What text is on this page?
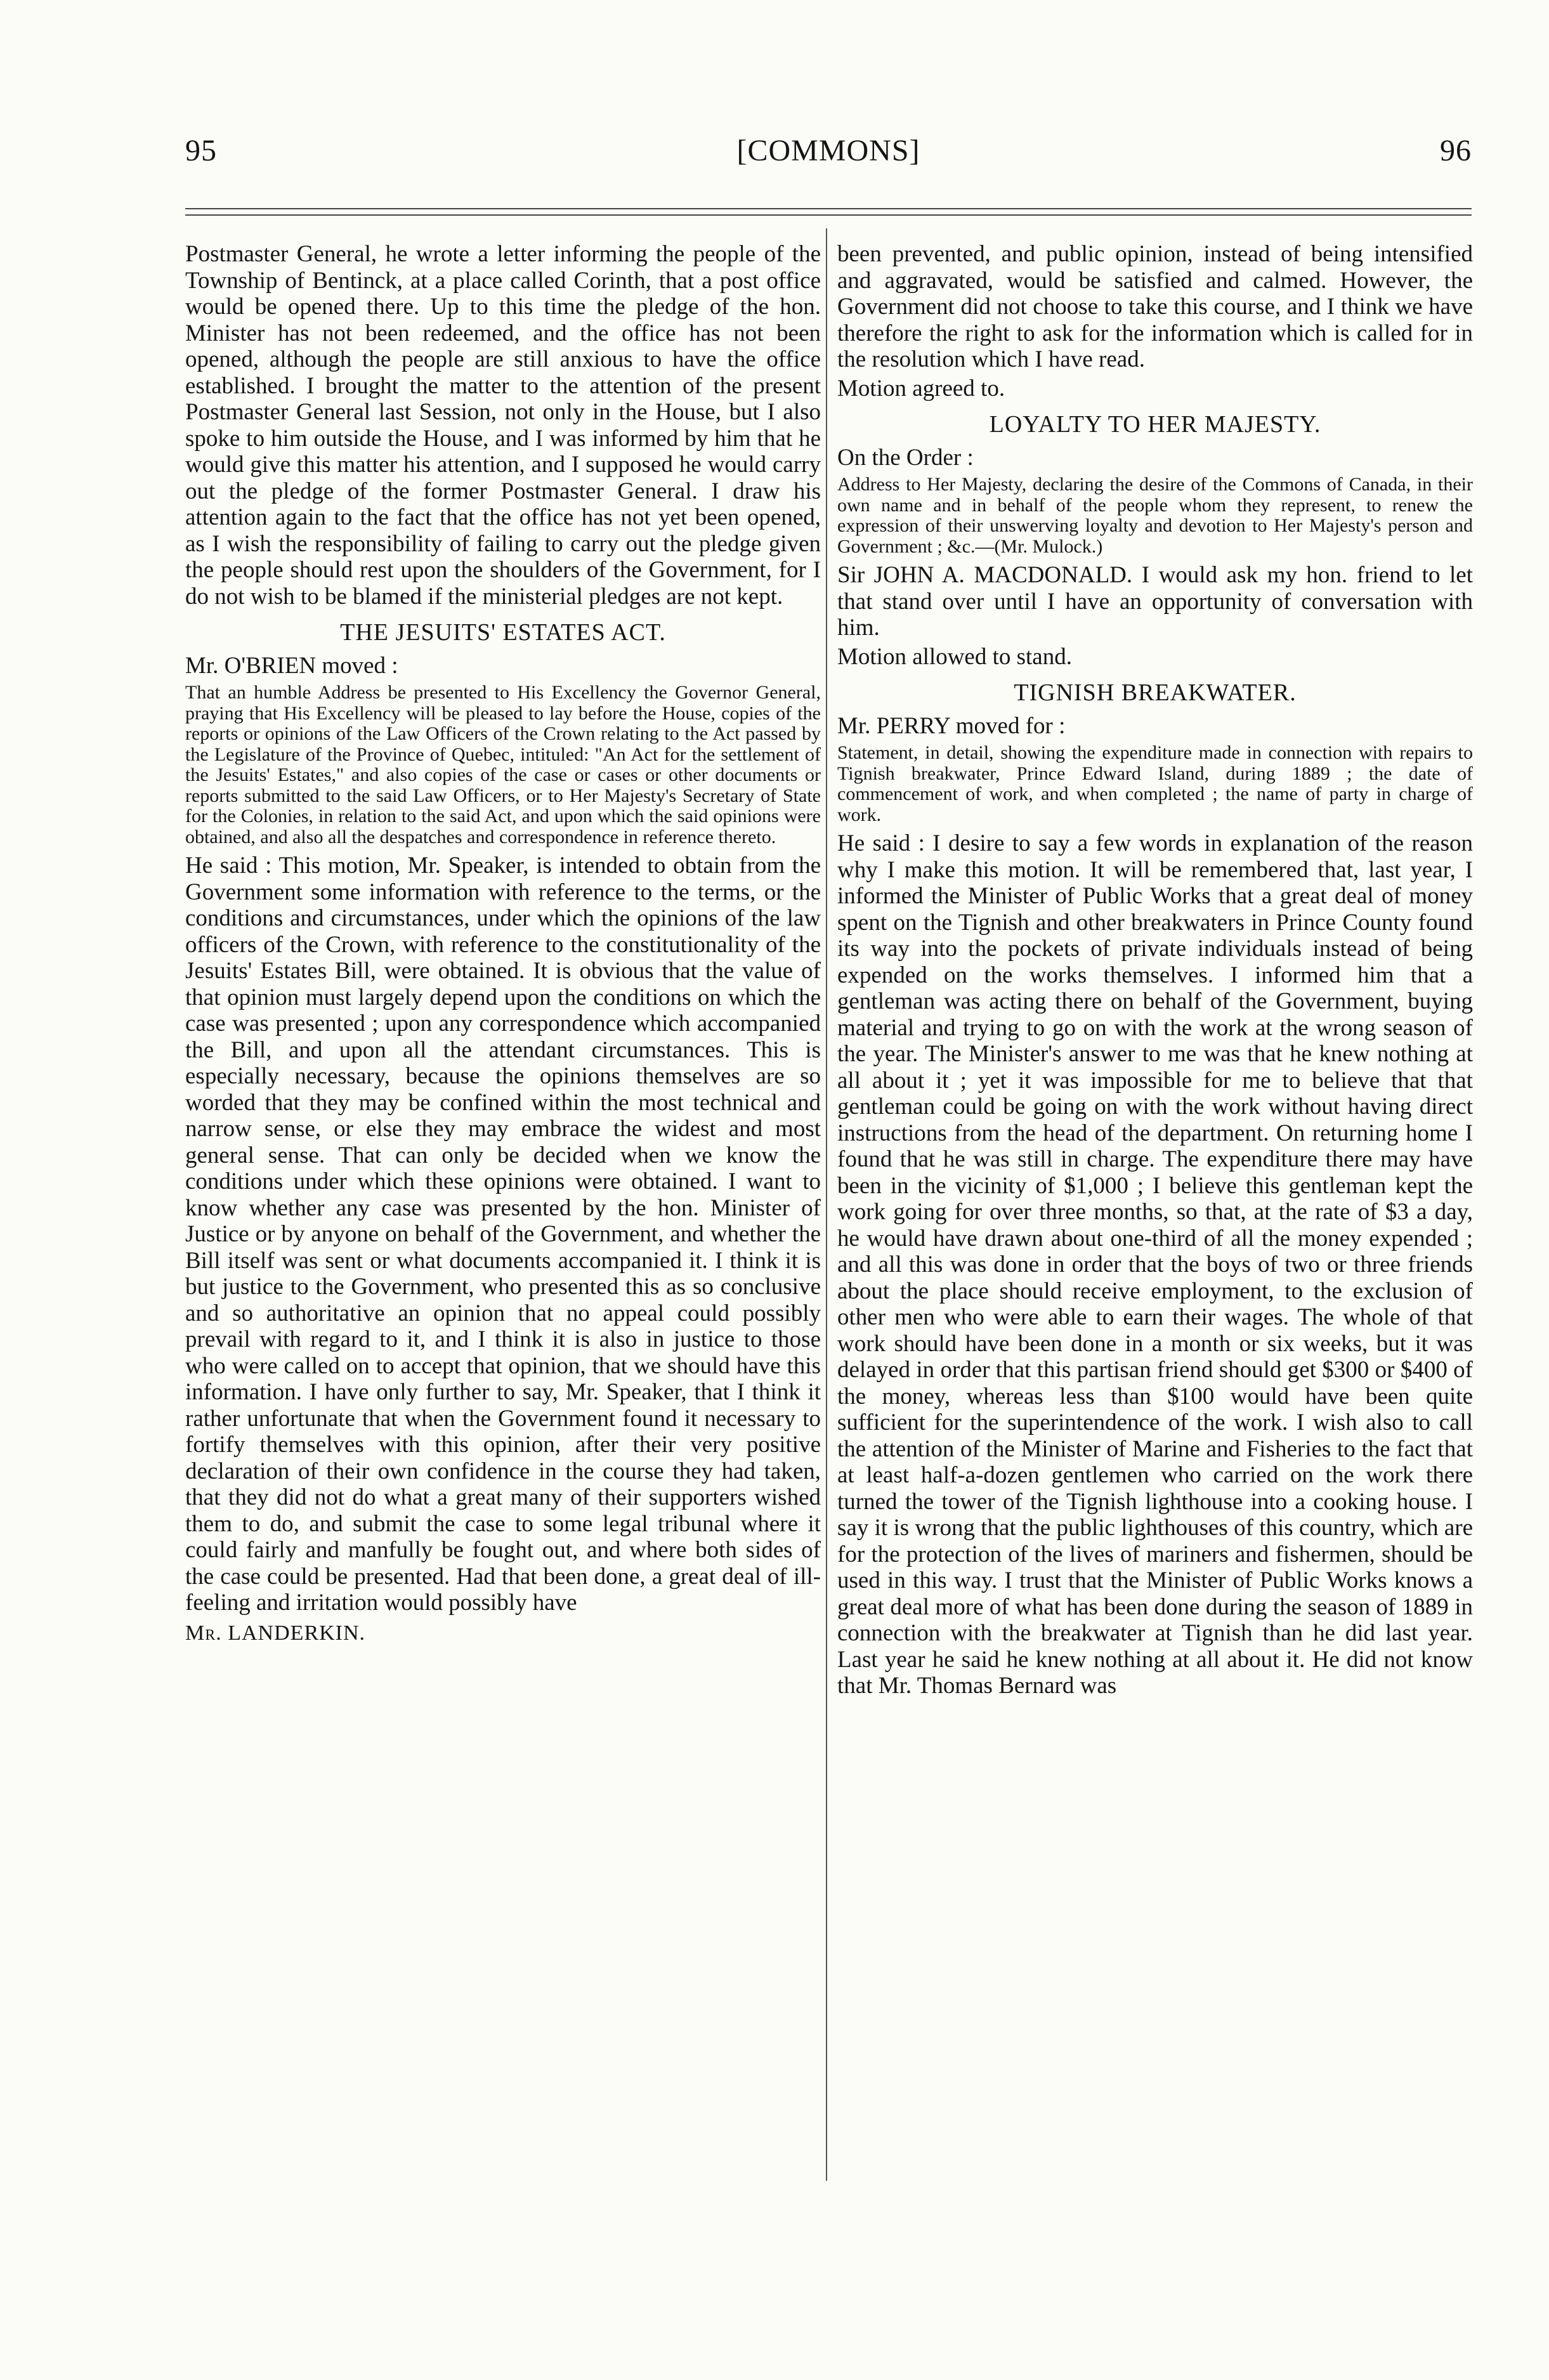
95	[COMMONS]	96

Postmaster General, he wrote a letter informing the people of the Township of Bentinck, at a place called Corinth, that a post office would be opened there. Up to this time the pledge of the hon. Minister has not been redeemed, and the office has not been opened, although the people are still anxious to have the office established. I brought the matter to the attention of the present Postmaster General last Session, not only in the House, but I also spoke to him outside the House, and I was informed by him that he would give this matter his attention, and I supposed he would carry out the pledge of the former Postmaster General. I draw his attention again to the fact that the office has not yet been opened, as I wish the responsibility of failing to carry out the pledge given the people should rest upon the shoulders of the Government, for I do not wish to be blamed if the ministerial pledges are not kept.

THE JESUITS' ESTATES ACT.

Mr. O'BRIEN moved :

That an humble Address be presented to His Excellency the Governor General, praying that His Excellency will be pleased to lay before the House, copies of the reports or opinions of the Law Officers of the Crown relating to the Act passed by the Legislature of the Province of Quebec, intituled: "An Act for the settlement of the Jesuits' Estates," and also copies of the case or cases or other documents or reports submitted to the said Law Officers, or to Her Majesty's Secretary of State for the Colonies, in relation to the said Act, and upon which the said opinions were obtained, and also all the despatches and correspondence in reference thereto.

He said : This motion, Mr. Speaker, is intended to obtain from the Government some information with reference to the terms, or the conditions and circumstances, under which the opinions of the law officers of the Crown, with reference to the constitutionality of the Jesuits' Estates Bill, were obtained. It is obvious that the value of that opinion must largely depend upon the conditions on which the case was presented ; upon any correspondence which accompanied the Bill, and upon all the attendant circumstances. This is especially necessary, because the opinions themselves are so worded that they may be confined within the most technical and narrow sense, or else they may embrace the widest and most general sense. That can only be decided when we know the conditions under which these opinions were obtained. I want to know whether any case was presented by the hon. Minister of Justice or by anyone on behalf of the Government, and whether the Bill itself was sent or what documents accompanied it. I think it is but justice to the Government, who presented this as so conclusive and so authoritative an opinion that no appeal could possibly prevail with regard to it, and I think it is also in justice to those who were called on to accept that opinion, that we should have this information. I have only further to say, Mr. Speaker, that I think it rather unfortunate that when the Government found it necessary to fortify themselves with this opinion, after their very positive declaration of their own confidence in the course they had taken, that they did not do what a great many of their supporters wished them to do, and submit the case to some legal tribunal where it could fairly and manfully be fought out, and where both sides of the case could be presented. Had that been done, a great deal of ill-feeling and irritation would possibly have

Mr. LANDERKIN.

been prevented, and public opinion, instead of being intensified and aggravated, would be satisfied and calmed. However, the Government did not choose to take this course, and I think we have therefore the right to ask for the information which is called for in the resolution which I have read.

Motion agreed to.

LOYALTY TO HER MAJESTY.

On the Order :

Address to Her Majesty, declaring the desire of the Commons of Canada, in their own name and in behalf of the people whom they represent, to renew the expression of their unswerving loyalty and devotion to Her Majesty's person and Government ; &c.—(Mr. Mulock.)

Sir JOHN A. MACDONALD. I would ask my hon. friend to let that stand over until I have an opportunity of conversation with him.

Motion allowed to stand.

TIGNISH BREAKWATER.

Mr. PERRY moved for :

Statement, in detail, showing the expenditure made in connection with repairs to Tignish breakwater, Prince Edward Island, during 1889 ; the date of commencement of work, and when completed ; the name of party in charge of work.

He said : I desire to say a few words in explanation of the reason why I make this motion. It will be remembered that, last year, I informed the Minister of Public Works that a great deal of money spent on the Tignish and other breakwaters in Prince County found its way into the pockets of private individuals instead of being expended on the works themselves. I informed him that a gentleman was acting there on behalf of the Government, buying material and trying to go on with the work at the wrong season of the year. The Minister's answer to me was that he knew nothing at all about it ; yet it was impossible for me to believe that that gentleman could be going on with the work without having direct instructions from the head of the department. On returning home I found that he was still in charge. The expenditure there may have been in the vicinity of $1,000 ; I believe this gentleman kept the work going for over three months, so that, at the rate of $3 a day, he would have drawn about one-third of all the money expended ; and all this was done in order that the boys of two or three friends about the place should receive employment, to the exclusion of other men who were able to earn their wages. The whole of that work should have been done in a month or six weeks, but it was delayed in order that this partisan friend should get $300 or $400 of the money, whereas less than $100 would have been quite sufficient for the superintendence of the work. I wish also to call the attention of the Minister of Marine and Fisheries to the fact that at least half-a-dozen gentlemen who carried on the work there turned the tower of the Tignish lighthouse into a cooking house. I say it is wrong that the public lighthouses of this country, which are for the protection of the lives of mariners and fishermen, should be used in this way. I trust that the Minister of Public Works knows a great deal more of what has been done during the season of 1889 in connection with the breakwater at Tignish than he did last year. Last year he said he knew nothing at all about it. He did not know that Mr. Thomas Bernard was
